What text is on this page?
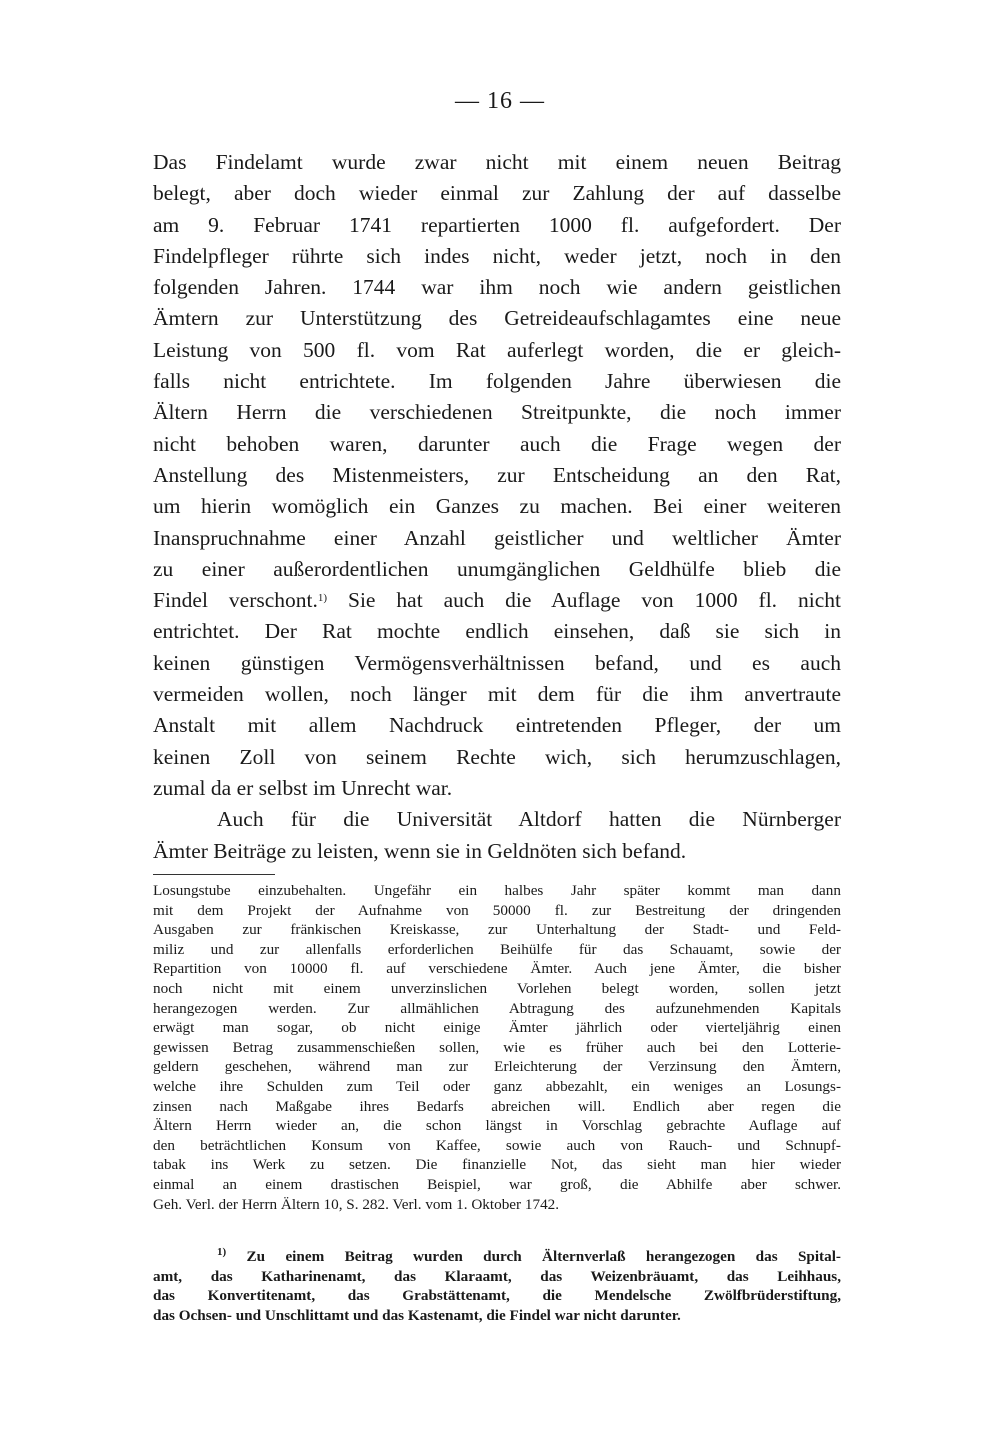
— 16 —
Das Findelamt wurde zwar nicht mit einem neuen Beitrag
belegt, aber doch wieder einmal zur Zahlung der auf dasselbe
am 9. Februar 1741 repartierten 1000 fl. aufgefordert. Der
Findelpfleger rührte sich indes nicht, weder jetzt, noch in den
folgenden Jahren. 1744 war ihm noch wie andern geistlichen
Ämtern zur Unterstützung des Getreideaufschlagamtes eine neue
Leistung von 500 fl. vom Rat auferlegt worden, die er gleich-
falls nicht entrichtete. Im folgenden Jahre überwiesen die
Ältern Herrn die verschiedenen Streitpunkte, die noch immer
nicht behoben waren, darunter auch die Frage wegen der
Anstellung des Mistenmeisters, zur Entscheidung an den Rat,
um hierin womöglich ein Ganzes zu machen. Bei einer weiteren
Inanspruchnahme einer Anzahl geistlicher und weltlicher Ämter
zu einer außerordentlichen unumgänglichen Geldhülfe blieb die
Findel verschont.$^{1)}$ Sie hat auch die Auflage von 1000 fl. nicht
entrichtet. Der Rat mochte endlich einsehen, daß sie sich in
keinen günstigen Vermögensverhältnissen befand, und es auch
vermeiden wollen, noch länger mit dem für die ihm anvertraute
Anstalt mit allem Nachdruck eintretenden Pfleger, der um
keinen Zoll von seinem Rechte wich, sich herumzuschlagen,
zumal da er selbst im Unrecht war.
Auch für die Universität Altdorf hatten die Nürnberger
Ämter Beiträge zu leisten, wenn sie in Geldnöten sich befand.
Losungstube einzubehalten. Ungefähr ein halbes Jahr später kommt man dann
mit dem Projekt der Aufnahme von 50000 fl. zur Bestreitung der dringenden
Ausgaben zur fränkischen Kreiskasse, zur Unterhaltung der Stadt- und Feld-
miliz und zur allenfalls erforderlichen Beihülfe für das Schauamt, sowie der
Repartition von 10000 fl. auf verschiedene Ämter. Auch jene Ämter, die bisher
noch nicht mit einem unverzinslichen Vorlehen belegt worden, sollen jetzt
herangezogen werden. Zur allmählichen Abtragung des aufzunehmenden Kapitals
erwägt man sogar, ob nicht einige Ämter jährlich oder vierteljährig einen
gewissen Betrag zusammenschießen sollen, wie es früher auch bei den Lotterie-
geldern geschehen, während man zur Erleichterung der Verzinsung den Ämtern,
welche ihre Schulden zum Teil oder ganz abbezahlt, ein weniges an Losungs-
zinsen nach Maßgabe ihres Bedarfs abreichen will. Endlich aber regen die
Ältern Herrn wieder an, die schon längst in Vorschlag gebrachte Auflage auf
den beträchtlichen Konsum von Kaffee, sowie auch von Rauch- und Schnupf-
tabak ins Werk zu setzen. Die finanzielle Not, das sieht man hier wieder
einmal an einem drastischen Beispiel, war groß, die Abhilfe aber schwer.
Geh. Verl. der Herrn Ältern 10, S. 282. Verl. vom 1. Oktober 1742.
$^{1)}$ Zu einem Beitrag wurden durch Älternverlaß herangezogen das Spital-
amt, das Katharinenamt, das Klaraamt, das Weizenbräuamt, das Leihhaus,
das Konvertitenamt, das Grabstättenamt, die Mendelsche Zwölfbrüderstiftung,
das Ochsen- und Unschlittamt und das Kastenamt, die Findel war nicht darunter.
